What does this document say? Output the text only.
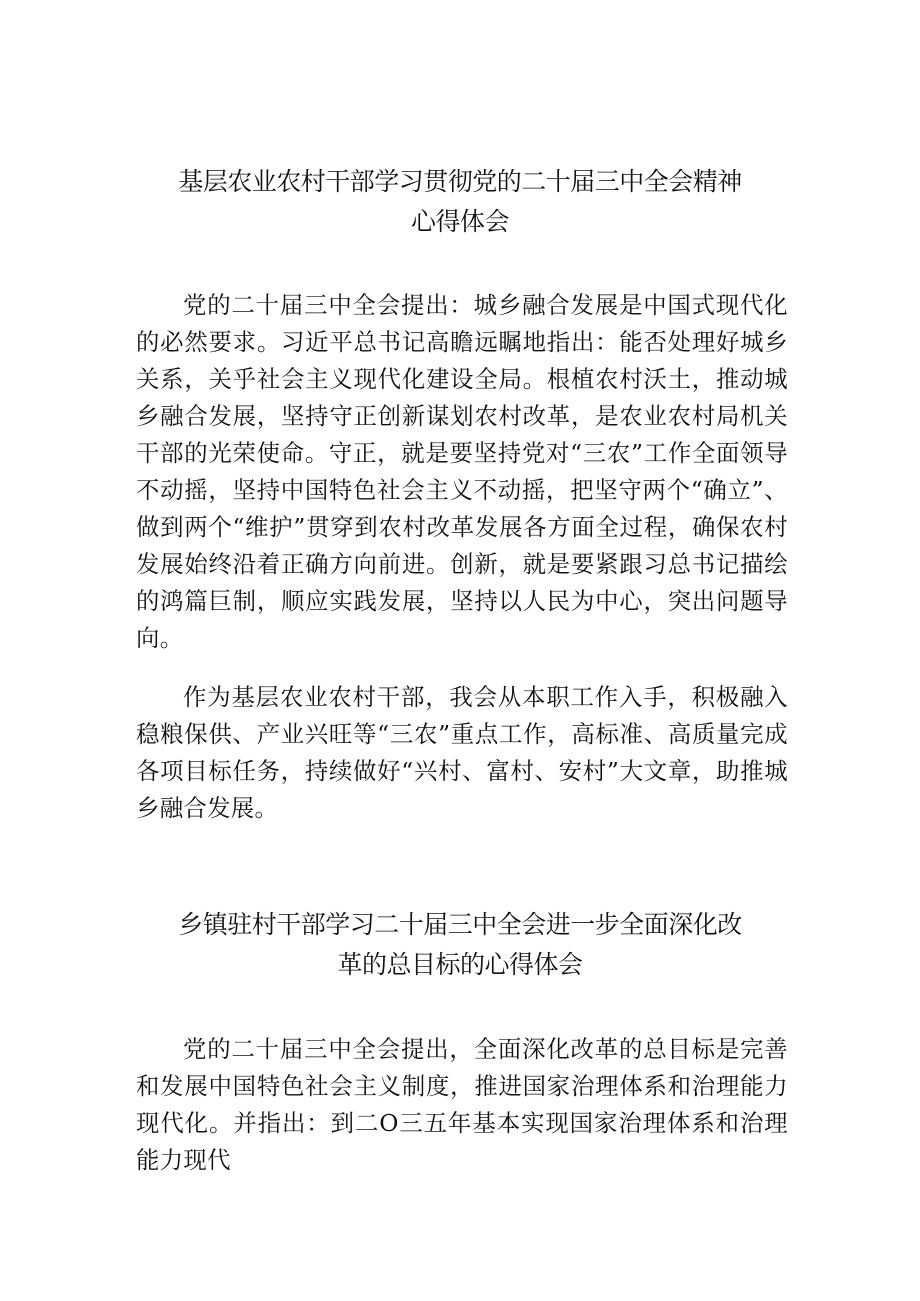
基层农业农村干部学习贯彻党的二十届三中全会精神
心得体会

党的二十届三中全会提出：城乡融合发展是中国式现代化的必然要求。习近平总书记高瞻远瞩地指出：能否处理好城乡关系，关乎社会主义现代化建设全局。根植农村沃土，推动城乡融合发展，坚持守正创新谋划农村改革，是农业农村局机关干部的光荣使命。守正，就是要坚持党对“三农”工作全面领导不动摇，坚持中国特色社会主义不动摇，把坚守两个“确立”、做到两个“维护”贯穿到农村改革发展各方面全过程，确保农村发展始终沿着正确方向前进。创新，就是要紧跟习总书记描绘的鸿篇巨制，顺应实践发展，坚持以人民为中心，突出问题导向。

作为基层农业农村干部，我会从本职工作入手，积极融入稳粮保供、产业兴旺等“三农”重点工作，高标准、高质量完成各项目标任务，持续做好“兴村、富村、安村”大文章，助推城乡融合发展。

乡镇驻村干部学习二十届三中全会进一步全面深化改
革的总目标的心得体会

党的二十届三中全会提出，全面深化改革的总目标是完善和发展中国特色社会主义制度，推进国家治理体系和治理能力现代化。并指出：到二O三五年基本实现国家治理体系和治理能力现代
